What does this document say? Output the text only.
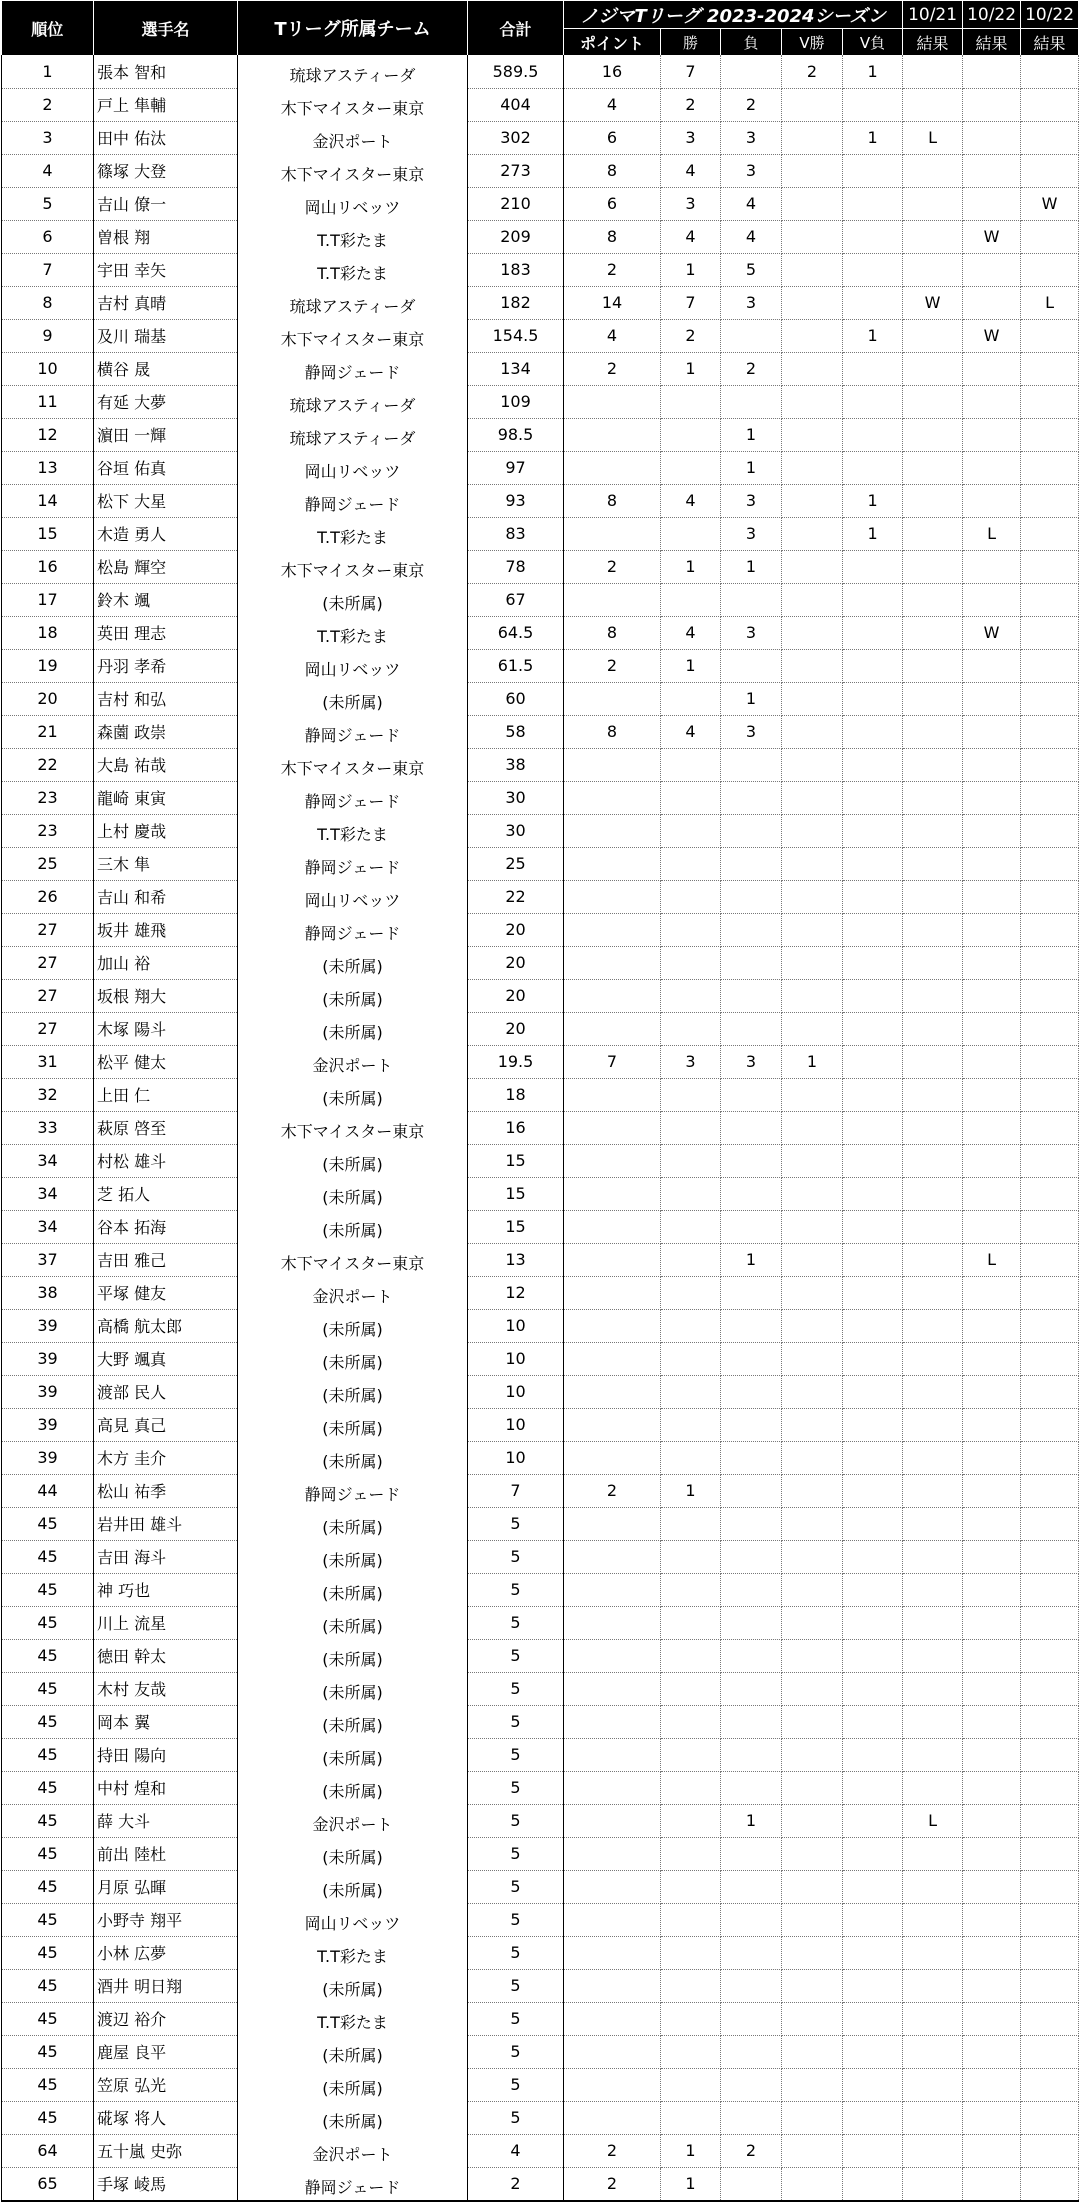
順位	選手名	Tリーグ所属チーム	合計	ノジマTリーグ 2023-2024シーズン					10/21	10/22	10/22
				ポイント	勝	負	V勝	V負	結果	結果	結果
1	張本 智和	琉球アスティーダ	589.5	16	7		2	1			
2	戸上 隼輔	木下マイスター東京	404	4	2	2					
3	田中 佑汰	金沢ポート	302	6	3	3		1	L		
4	篠塚 大登	木下マイスター東京	273	8	4	3					
5	吉山 僚一	岡山リベッツ	210	6	3	4					W
6	曽根 翔	T.T彩たま	209	8	4	4				W	
7	宇田 幸矢	T.T彩たま	183	2	1	5					
8	吉村 真晴	琉球アスティーダ	182	14	7	3			W		L
9	及川 瑞基	木下マイスター東京	154.5	4	2			1		W	
10	横谷 晟	静岡ジェード	134	2	1	2					
11	有延 大夢	琉球アスティーダ	109								
12	濵田 一輝	琉球アスティーダ	98.5			1					
13	谷垣 佑真	岡山リベッツ	97			1					
14	松下 大星	静岡ジェード	93	8	4	3		1			
15	木造 勇人	T.T彩たま	83			3		1		L	
16	松島 輝空	木下マイスター東京	78	2	1	1					
17	鈴木 颯	(未所属)	67								
18	英田 理志	T.T彩たま	64.5	8	4	3				W	
19	丹羽 孝希	岡山リベッツ	61.5	2	1						
20	吉村 和弘	(未所属)	60			1					
21	森薗 政崇	静岡ジェード	58	8	4	3					
22	大島 祐哉	木下マイスター東京	38								
23	龍崎 東寅	静岡ジェード	30								
23	上村 慶哉	T.T彩たま	30								
25	三木 隼	静岡ジェード	25								
26	吉山 和希	岡山リベッツ	22								
27	坂井 雄飛	静岡ジェード	20								
27	加山 裕	(未所属)	20								
27	坂根 翔大	(未所属)	20								
27	木塚 陽斗	(未所属)	20								
31	松平 健太	金沢ポート	19.5	7	3	3	1				
32	上田 仁	(未所属)	18								
33	萩原 啓至	木下マイスター東京	16								
34	村松 雄斗	(未所属)	15								
34	芝 拓人	(未所属)	15								
34	谷本 拓海	(未所属)	15								
37	吉田 雅己	木下マイスター東京	13			1				L	
38	平塚 健友	金沢ポート	12								
39	高橋 航太郎	(未所属)	10								
39	大野 颯真	(未所属)	10								
39	渡部 民人	(未所属)	10								
39	高見 真己	(未所属)	10								
39	木方 圭介	(未所属)	10								
44	松山 祐季	静岡ジェード	7	2	1						
45	岩井田 雄斗	(未所属)	5								
45	吉田 海斗	(未所属)	5								
45	神 巧也	(未所属)	5								
45	川上 流星	(未所属)	5								
45	徳田 幹太	(未所属)	5								
45	木村 友哉	(未所属)	5								
45	岡本 翼	(未所属)	5								
45	持田 陽向	(未所属)	5								
45	中村 煌和	(未所属)	5								
45	薛 大斗	金沢ポート	5			1			L		
45	前出 陸杜	(未所属)	5								
45	月原 弘暉	(未所属)	5								
45	小野寺 翔平	岡山リベッツ	5								
45	小林 広夢	T.T彩たま	5								
45	酒井 明日翔	(未所属)	5								
45	渡辺 裕介	T.T彩たま	5								
45	鹿屋 良平	(未所属)	5								
45	笠原 弘光	(未所属)	5								
45	硴塚 将人	(未所属)	5								
64	五十嵐 史弥	金沢ポート	4	2	1	2					
65	手塚 崚馬	静岡ジェード	2	2	1						
